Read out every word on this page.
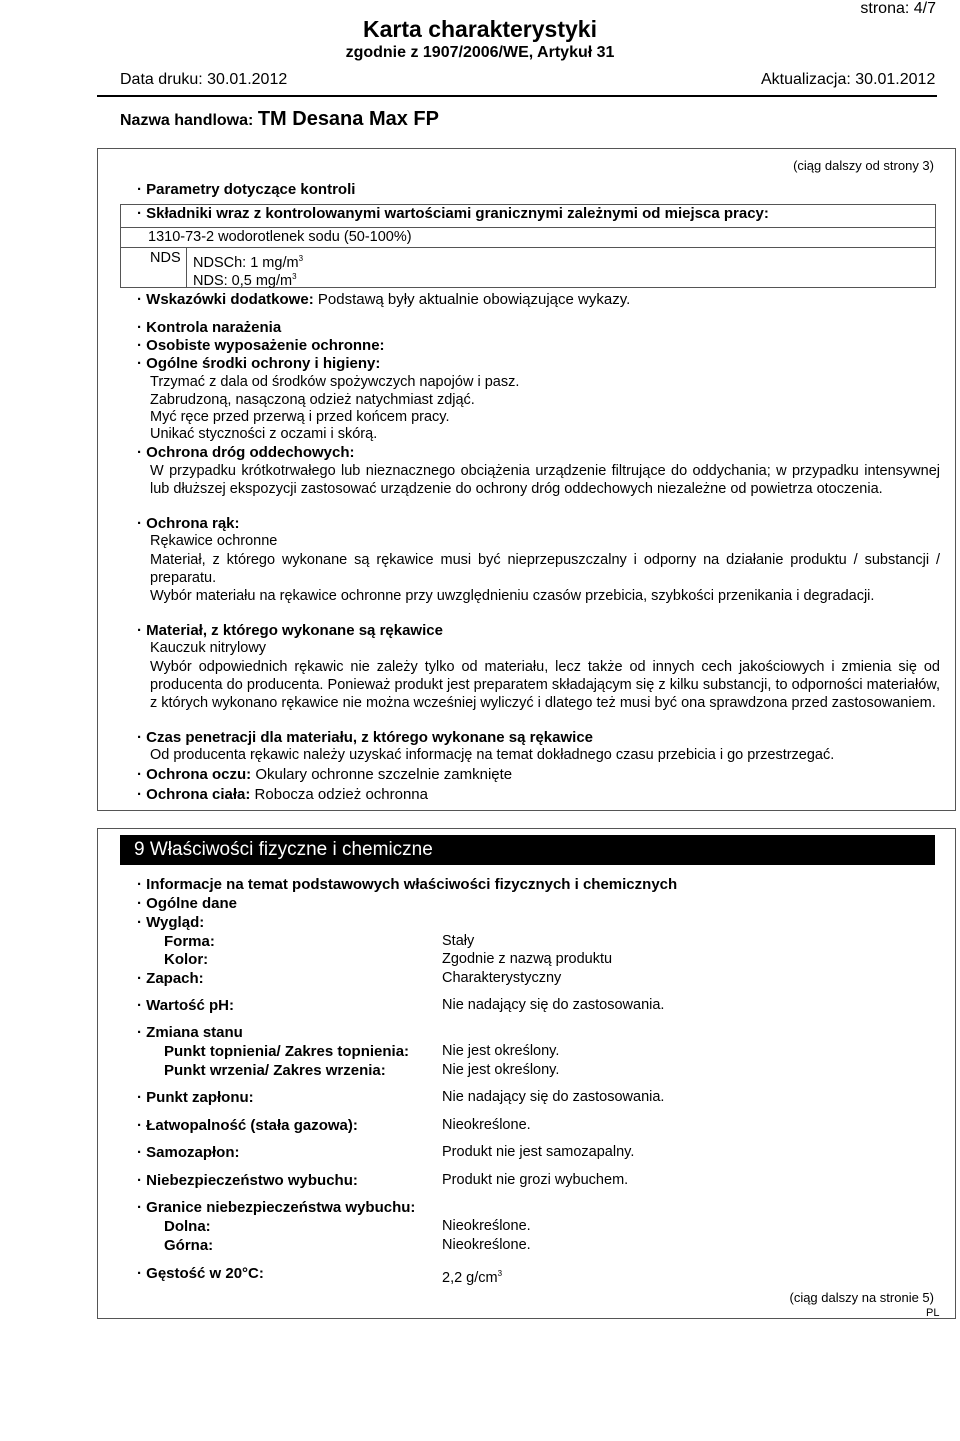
strona: 4/7
Karta charakterystyki
zgodnie z 1907/2006/WE, Artykuł 31
Data druku: 30.01.2012	Aktualizacja: 30.01.2012
Nazwa handlowa: TM Desana Max FP
(ciąg dalszy od strony 3)
· Parametry dotyczące kontroli
· Składniki wraz z kontrolowanymi wartościami granicznymi zależnymi od miejsca pracy:
1310-73-2 wodorotlenek sodu (50-100%)
NDS NDSCh: 1 $mg/m^3$
NDS: 0,5 $mg/m^3$
· Wskazówki dodatkowe: Podstawą były aktualnie obowiązujące wykazy.
· Kontrola narażenia
· Osobiste wyposażenie ochronne:
· Ogólne środki ochrony i higieny:
Trzymać z dala od środków spożywczych napojów i pasz.
Zabrudzoną, nasączoną odzież natychmiast zdjąć.
Myć ręce przed przerwą i przed końcem pracy.
Unikać styczności z oczami i skórą.
· Ochrona dróg oddechowych:
W przypadku krótkotrwałego lub nieznacznego obciążenia urządzenie filtrujące do oddychania; w przypadku intensywnej lub dłuższej ekspozycji zastosować urządzenie do ochrony dróg oddechowych niezależne od powietrza otoczenia.
· Ochrona rąk:
Rękawice ochronne
Materiał, z którego wykonane są rękawice musi być nieprzepuszczalny i odporny na działanie produktu / substancji / preparatu.
Wybór materiału na rękawice ochronne przy uwzględnieniu czasów przebicia, szybkości przenikania i degradacji.
· Materiał, z którego wykonane są rękawice
Kauczuk nitrylowy
Wybór odpowiednich rękawic nie zależy tylko od materiału, lecz także od innych cech jakościowych i zmienia się od producenta do producenta. Ponieważ produkt jest preparatem składającym się z kilku substancji, to odporności materiałów, z których wykonano rękawice nie można wcześniej wyliczyć i dlatego też musi być ona sprawdzona przed zastosowaniem.
· Czas penetracji dla materiału, z którego wykonane są rękawice
Od producenta rękawic należy uzyskać informację na temat dokładnego czasu przebicia i go przestrzegać.
· Ochrona oczu: Okulary ochronne szczelnie zamknięte
· Ochrona ciała: Robocza odzież ochronna
9 Właściwości fizyczne i chemiczne
· Informacje na temat podstawowych właściwości fizycznych i chemicznych
· Ogólne dane
· Wygląd:
Forma:	Stały
Kolor:	Zgodnie z nazwą produktu
· Zapach:	Charakterystyczny
· Wartość pH:	Nie nadający się do zastosowania.
· Zmiana stanu
Punkt topnienia/ Zakres topnienia: Nie jest określony.
Punkt wrzenia/ Zakres wrzenia:	Nie jest określony.
· Punkt zapłonu:	Nie nadający się do zastosowania.
· Łatwopalność (stała gazowa):	Nieokreślone.
· Samozapłon:	Produkt nie jest samozapalny.
· Niebezpieczeństwo wybuchu:	Produkt nie grozi wybuchem.
· Granice niebezpieczeństwa wybuchu:
Dolna:	Nieokreślone.
Górna:	Nieokreślone.
· Gęstość w 20°C:	2,2 $g/cm^3$
(ciąg dalszy na stronie 5)
PL
